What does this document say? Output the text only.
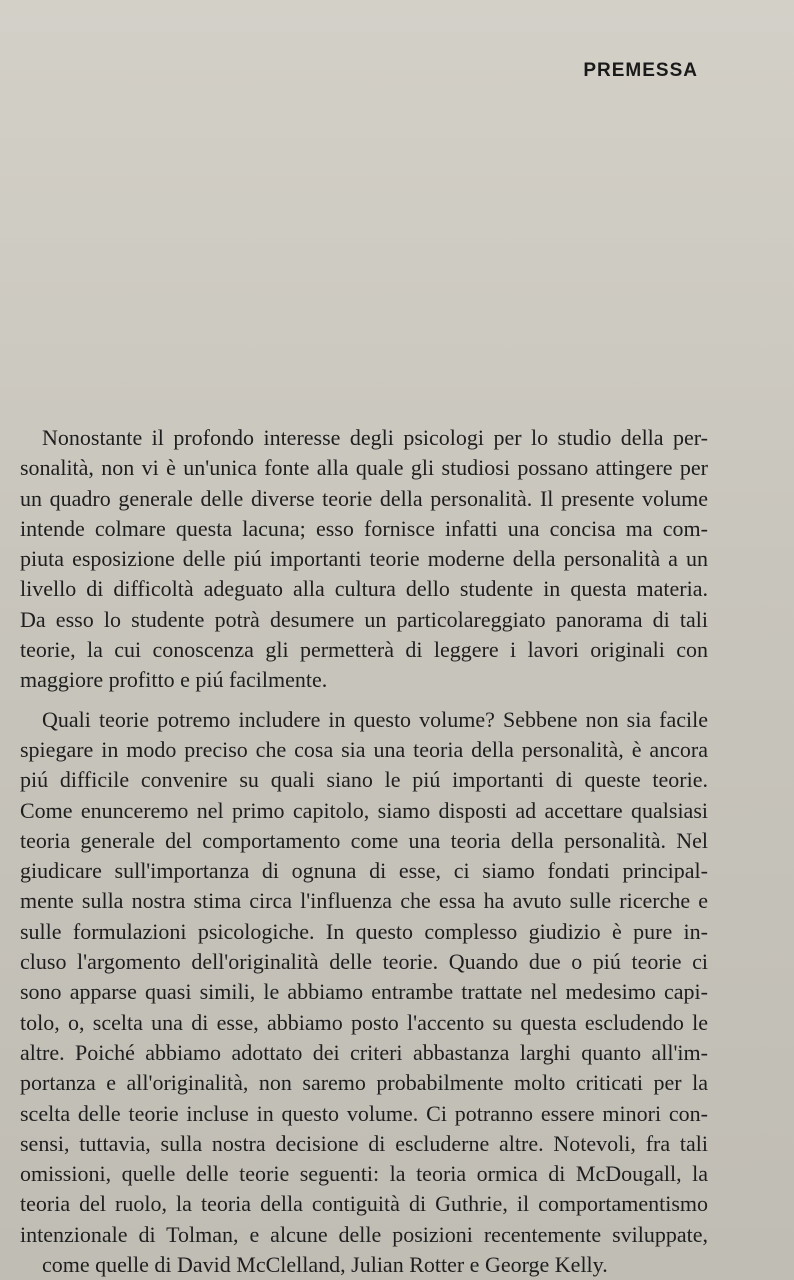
PREMESSA
Nonostante il profondo interesse degli psicologi per lo studio della per-
sonalità, non vi è un'unica fonte alla quale gli studiosi possano attingere per
un quadro generale delle diverse teorie della personalità. Il presente volume
intende colmare questa lacuna; esso fornisce infatti una concisa ma com-
piuta esposizione delle piú importanti teorie moderne della personalità a un
livello di difficoltà adeguato alla cultura dello studente in questa materia.
Da esso lo studente potrà desumere un particolareggiato panorama di tali
teorie, la cui conoscenza gli permetterà di leggere i lavori originali con
maggiore profitto e piú facilmente.
Quali teorie potremo includere in questo volume? Sebbene non sia facile
spiegare in modo preciso che cosa sia una teoria della personalità, è ancora
piú difficile convenire su quali siano le piú importanti di queste teorie.
Come enunceremo nel primo capitolo, siamo disposti ad accettare qualsiasi
teoria generale del comportamento come una teoria della personalità. Nel
giudicare sull'importanza di ognuna di esse, ci siamo fondati principal-
mente sulla nostra stima circa l'influenza che essa ha avuto sulle ricerche e
sulle formulazioni psicologiche. In questo complesso giudizio è pure in-
cluso l'argomento dell'originalità delle teorie. Quando due o piú teorie ci
sono apparse quasi simili, le abbiamo entrambe trattate nel medesimo capi-
tolo, o, scelta una di esse, abbiamo posto l'accento su questa escludendo le
altre. Poiché abbiamo adottato dei criteri abbastanza larghi quanto all'im-
portanza e all'originalità, non saremo probabilmente molto criticati per la
scelta delle teorie incluse in questo volume. Ci potranno essere minori con-
sensi, tuttavia, sulla nostra decisione di escluderne altre. Notevoli, fra tali
omissioni, quelle delle teorie seguenti: la teoria ormica di McDougall, la
teoria del ruolo, la teoria della contiguità di Guthrie, il comportamentismo
intenzionale di Tolman, e alcune delle posizioni recentemente sviluppate,
come quelle di David McClelland, Julian Rotter e George Kelly.
